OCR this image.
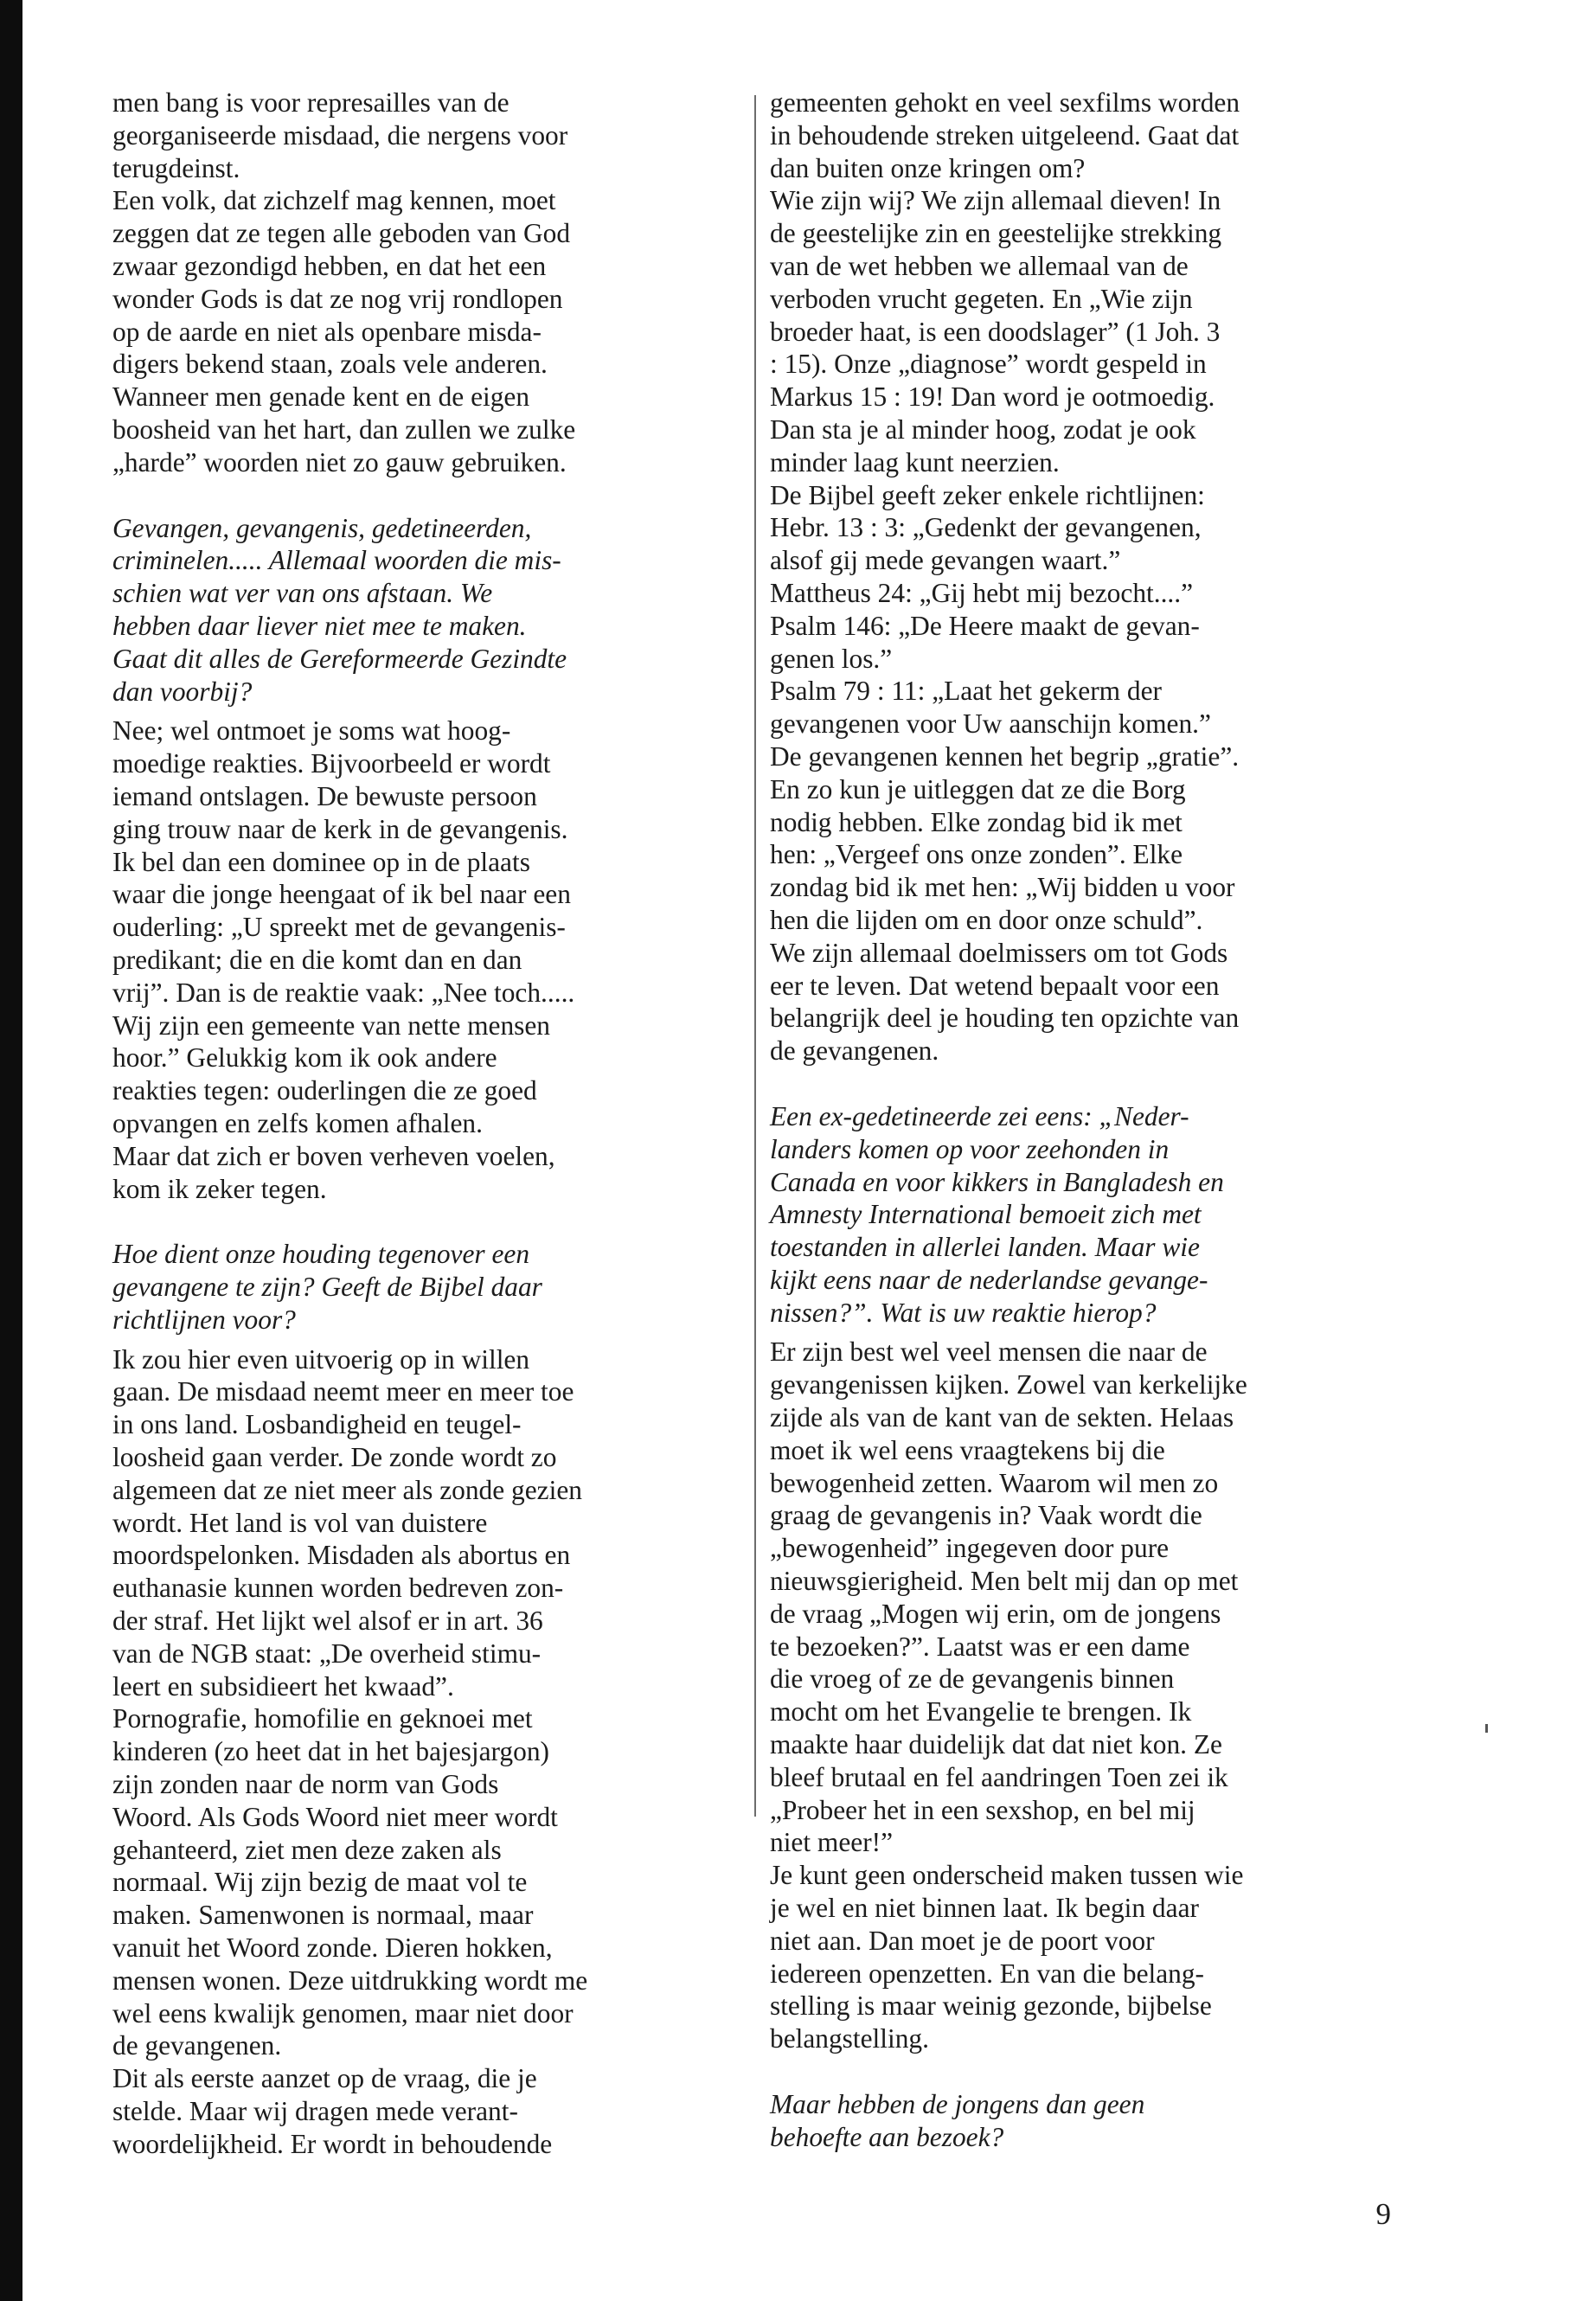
men bang is voor represailles van de
georganiseerde misdaad, die nergens voor
terugdeinst.
Een volk, dat zichzelf mag kennen, moet
zeggen dat ze tegen alle geboden van God
zwaar gezondigd hebben, en dat het een
wonder Gods is dat ze nog vrij rondlopen
op de aarde en niet als openbare misda-
digers bekend staan, zoals vele anderen.
Wanneer men genade kent en de eigen
boosheid van het hart, dan zullen we zulke
„harde” woorden niet zo gauw gebruiken.
Gevangen, gevangenis, gedetineerden,
criminelen..... Allemaal woorden die mis-
schien wat ver van ons afstaan. We
hebben daar liever niet mee te maken.
Gaat dit alles de Gereformeerde Gezindte
dan voorbij?
Nee; wel ontmoet je soms wat hoog-
moedige reakties. Bijvoorbeeld er wordt
iemand ontslagen. De bewuste persoon
ging trouw naar de kerk in de gevangenis.
Ik bel dan een dominee op in de plaats
waar die jonge heengaat of ik bel naar een
ouderling: „U spreekt met de gevangenis-
predikant; die en die komt dan en dan
vrij”. Dan is de reaktie vaak: „Nee toch.....
Wij zijn een gemeente van nette mensen
hoor.” Gelukkig kom ik ook andere
reakties tegen: ouderlingen die ze goed
opvangen en zelfs komen afhalen.
Maar dat zich er boven verheven voelen,
kom ik zeker tegen.
Hoe dient onze houding tegenover een
gevangene te zijn? Geeft de Bijbel daar
richtlijnen voor?
Ik zou hier even uitvoerig op in willen
gaan. De misdaad neemt meer en meer toe
in ons land. Losbandigheid en teugel-
loosheid gaan verder. De zonde wordt zo
algemeen dat ze niet meer als zonde gezien
wordt. Het land is vol van duistere
moordspelonken. Misdaden als abortus en
euthanasie kunnen worden bedreven zon-
der straf. Het lijkt wel alsof er in art. 36
van de NGB staat: „De overheid stimu-
leert en subsidieert het kwaad”.
Pornografie, homofilie en geknoei met
kinderen (zo heet dat in het bajesjargon)
zijn zonden naar de norm van Gods
Woord. Als Gods Woord niet meer wordt
gehanteerd, ziet men deze zaken als
normaal. Wij zijn bezig de maat vol te
maken. Samenwonen is normaal, maar
vanuit het Woord zonde. Dieren hokken,
mensen wonen. Deze uitdrukking wordt me
wel eens kwalijk genomen, maar niet door
de gevangenen.
Dit als eerste aanzet op de vraag, die je
stelde. Maar wij dragen mede verant-
woordelijkheid. Er wordt in behoudende
gemeenten gehokt en veel sexfilms worden
in behoudende streken uitgeleend. Gaat dat
dan buiten onze kringen om?
Wie zijn wij? We zijn allemaal dieven! In
de geestelijke zin en geestelijke strekking
van de wet hebben we allemaal van de
verboden vrucht gegeten. En „Wie zijn
broeder haat, is een doodslager” (1 Joh. 3
: 15). Onze „diagnose” wordt gespeld in
Markus 15 : 19! Dan word je ootmoedig.
Dan sta je al minder hoog, zodat je ook
minder laag kunt neerzien.
De Bijbel geeft zeker enkele richtlijnen:
Hebr. 13 : 3: „Gedenkt der gevangenen,
alsof gij mede gevangen waart.”
Mattheus 24: „Gij hebt mij bezocht....”
Psalm 146: „De Heere maakt de gevan-
genen los.”
Psalm 79 : 11: „Laat het gekerm der
gevangenen voor Uw aanschijn komen.”
De gevangenen kennen het begrip „gratie”.
En zo kun je uitleggen dat ze die Borg
nodig hebben. Elke zondag bid ik met
hen: „Vergeef ons onze zonden”. Elke
zondag bid ik met hen: „Wij bidden u voor
hen die lijden om en door onze schuld”.
We zijn allemaal doelmissers om tot Gods
eer te leven. Dat wetend bepaalt voor een
belangrijk deel je houding ten opzichte van
de gevangenen.
Een ex-gedetineerde zei eens: „Neder-
landers komen op voor zeehonden in
Canada en voor kikkers in Bangladesh en
Amnesty International bemoeit zich met
toestanden in allerlei landen. Maar wie
kijkt eens naar de nederlandse gevange-
nissen?”. Wat is uw reaktie hierop?
Er zijn best wel veel mensen die naar de
gevangenissen kijken. Zowel van kerkelijke
zijde als van de kant van de sekten. Helaas
moet ik wel eens vraagtekens bij die
bewogenheid zetten. Waarom wil men zo
graag de gevangenis in? Vaak wordt die
„bewogenheid” ingegeven door pure
nieuwsgierigheid. Men belt mij dan op met
de vraag „Mogen wij erin, om de jongens
te bezoeken?”. Laatst was er een dame
die vroeg of ze de gevangenis binnen
mocht om het Evangelie te brengen. Ik
maakte haar duidelijk dat dat niet kon. Ze
bleef brutaal en fel aandringen Toen zei ik
„Probeer het in een sexshop, en bel mij
niet meer!”
Je kunt geen onderscheid maken tussen wie
je wel en niet binnen laat. Ik begin daar
niet aan. Dan moet je de poort voor
iedereen openzetten. En van die belang-
stelling is maar weinig gezonde, bijbelse
belangstelling.
Maar hebben de jongens dan geen
behoefte aan bezoek?
9
